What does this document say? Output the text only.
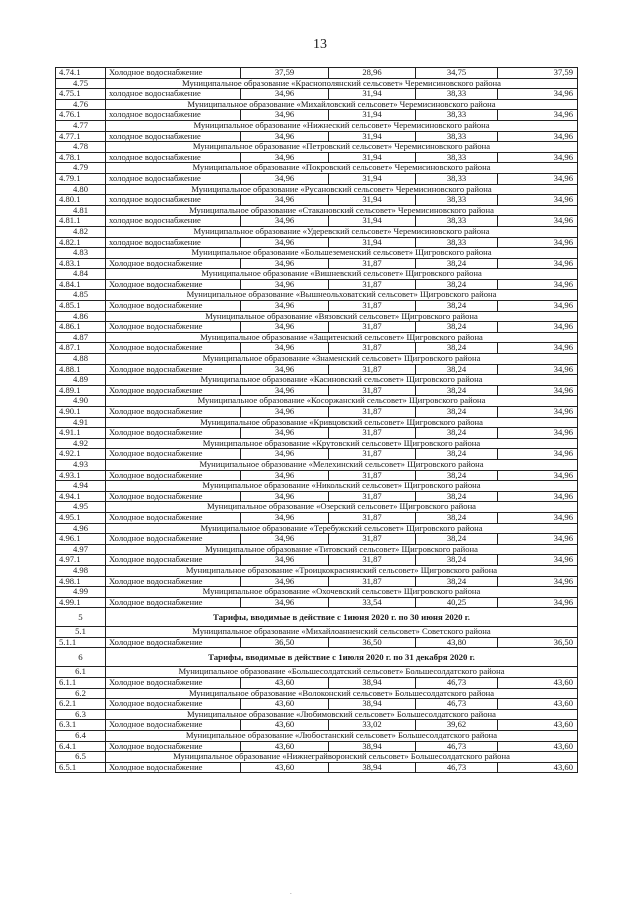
13
4.74.1	Холодное водоснабжение	37,59	28,96	34,75	37,59
4.75	Муниципальное образование «Краснополянский сельсовет» Черемисиновского района				
4.75.1	холодное водоснабжение	34,96	31,94	38,33	34,96
4.76	Муниципальное образование «Михайловский сельсовет» Черемисиновского района				
4.76.1	холодное водоснабжение	34,96	31,94	38,33	34,96
4.77	Муниципальное образование «Нижнеский сельсовет» Черемисиновского района				
4.77.1	холодное водоснабжение	34,96	31,94	38,33	34,96
4.78	Муниципальное образование «Петровский сельсовет» Черемисиновского района				
4.78.1	холодное водоснабжение	34,96	31,94	38,33	34,96
4.79	Муниципальное образование «Покровский сельсовет» Черемисиновского района				
4.79.1	холодное водоснабжение	34,96	31,94	38,33	34,96
4.80	Муниципальное образование «Русановский сельсовет» Черемисиновского района				
4.80.1	холодное водоснабжение	34,96	31,94	38,33	34,96
4.81	Муниципальное образование «Стакановский сельсовет» Черемисиновского района				
4.81.1	холодное водоснабжение	34,96	31,94	38,33	34,96
4.82	Муниципальное образование «Удеревский сельсовет» Черемисиновского района				
4.82.1	холодное водоснабжение	34,96	31,94	38,33	34,96
4.83	Муниципальное образование «Большеземенский сельсовет» Щигровского района				
4.83.1	Холодное водоснабжение	34,96	31,87	38,24	34,96
4.84	Муниципальное образование «Вишневский сельсовет» Щигровского района				
4.84.1	Холодное водоснабжение	34,96	31,87	38,24	34,96
4.85	Муниципальное образование «Вышнеольховатский сельсовет» Щигровского района				
4.85.1	Холодное водоснабжение	34,96	31,87	38,24	34,96
4.86	Муниципальное образование «Вязовский сельсовет» Щигровского района				
4.86.1	Холодное водоснабжение	34,96	31,87	38,24	34,96
4.87	Муниципальное образование «Защитенский сельсовет» Щигровского района				
4.87.1	Холодное водоснабжение	34,96	31,87	38,24	34,96
4.88	Муниципальное образование «Знаменский сельсовет» Щигровского района				
4.88.1	Холодное водоснабжение	34,96	31,87	38,24	34,96
4.89	Муниципальное образование «Касиновский сельсовет» Щигровского района				
4.89.1	Холодное водоснабжение	34,96	31,87	38,24	34,96
4.90	Муниципальное образование «Косоржанский сельсовет» Щигровского района				
4.90.1	Холодное водоснабжение	34,96	31,87	38,24	34,96
4.91	Муниципальное образование «Кривцовский сельсовет» Щигровского района				
4.91.1	Холодное водоснабжение	34,96	31,87	38,24	34,96
4.92	Муниципальное образование «Крутовский сельсовет» Щигровского района				
4.92.1	Холодное водоснабжение	34,96	31,87	38,24	34,96
4.93	Муниципальное образование «Мелехинский сельсовет» Щигровского района				
4.93.1	Холодное водоснабжение	34,96	31,87	38,24	34,96
4.94	Муниципальное образование «Никольский сельсовет» Щигровского района				
4.94.1	Холодное водоснабжение	34,96	31,87	38,24	34,96
4.95	Муниципальное образование «Озерский сельсовет» Щигровского района				
4.95.1	Холодное водоснабжение	34,96	31,87	38,24	34,96
4.96	Муниципальное образование «Теребужский сельсовет» Щигровского района				
4.96.1	Холодное водоснабжение	34,96	31,87	38,24	34,96
4.97	Муниципальное образование «Титовский сельсовет» Щигровского района				
4.97.1	Холодное водоснабжение	34,96	31,87	38,24	34,96
4.98	Муниципальное образование «Троицкокраснянский сельсовет» Щигровского района				
4.98.1	Холодное водоснабжение	34,96	31,87	38,24	34,96
4.99	Муниципальное образование «Охочевский сельсовет» Щигровского района				
4.99.1	Холодное водоснабжение	34,96	33,54	40,25	34,96
5	Тарифы, вводимые в действие с 1июня 2020 г. по 30 июня 2020 г.				
5.1	Муниципальное образование «Михайлоанненский сельсовет» Советского района				
5.1.1	Холодное водоснабжение	36,50	36,50	43,80	36,50
6	Тарифы, вводимые в действие с 1июля 2020 г. по 31 декабря 2020 г.				
6.1	Муниципальное образование «Большесолдатский сельсовет» Большесолдатского района				
6.1.1	Холодное водоснабжение	43,60	38,94	46,73	43,60
6.2	Муниципальное образование «Волоконский сельсовет» Большесолдатского района				
6.2.1	Холодное водоснабжение	43,60	38,94	46,73	43,60
6.3	Муниципальное образование «Любимовский сельсовет» Большесолдатского района				
6.3.1	Холодное водоснабжение	43,60	33,02	39,62	43,60
6.4	Муниципальное образование «Любостанский сельсовет» Большесолдатского района				
6.4.1	Холодное водоснабжение	43,60	38,94	46,73	43,60
6.5	Муниципальное образование «Нижнеграйворонский сельсовет» Большесолдатского района				
6.5.1	Холодное водоснабжение	43,60	38,94	46,73	43,60
.
